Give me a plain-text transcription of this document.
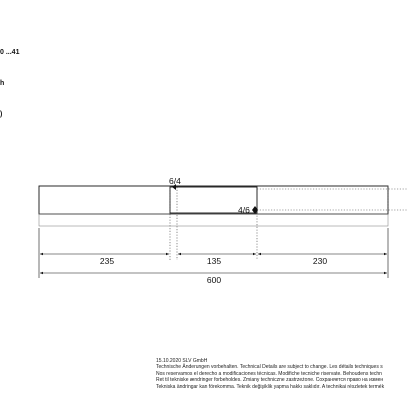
0 ...41
h
)
6/4
4/6
235	135	230
600
15.10.2020 SLV GmbH
Technische Änderungen vorbehalten. Technical Details are subject to change. Les détails techniques s
Nos reservamos el derecho a modificaciones técnicas. Modifiche tecniche riservate. Behoudens techn
Ret til tekniske ændringer forbeholdes. Zmiany techniczne zastrzeżone. Сохраняется право на измен
Tekniska ändringar kan förekomma. Teknik değişiklik yapma hakkı saklıdır. A technikai részletek termék
